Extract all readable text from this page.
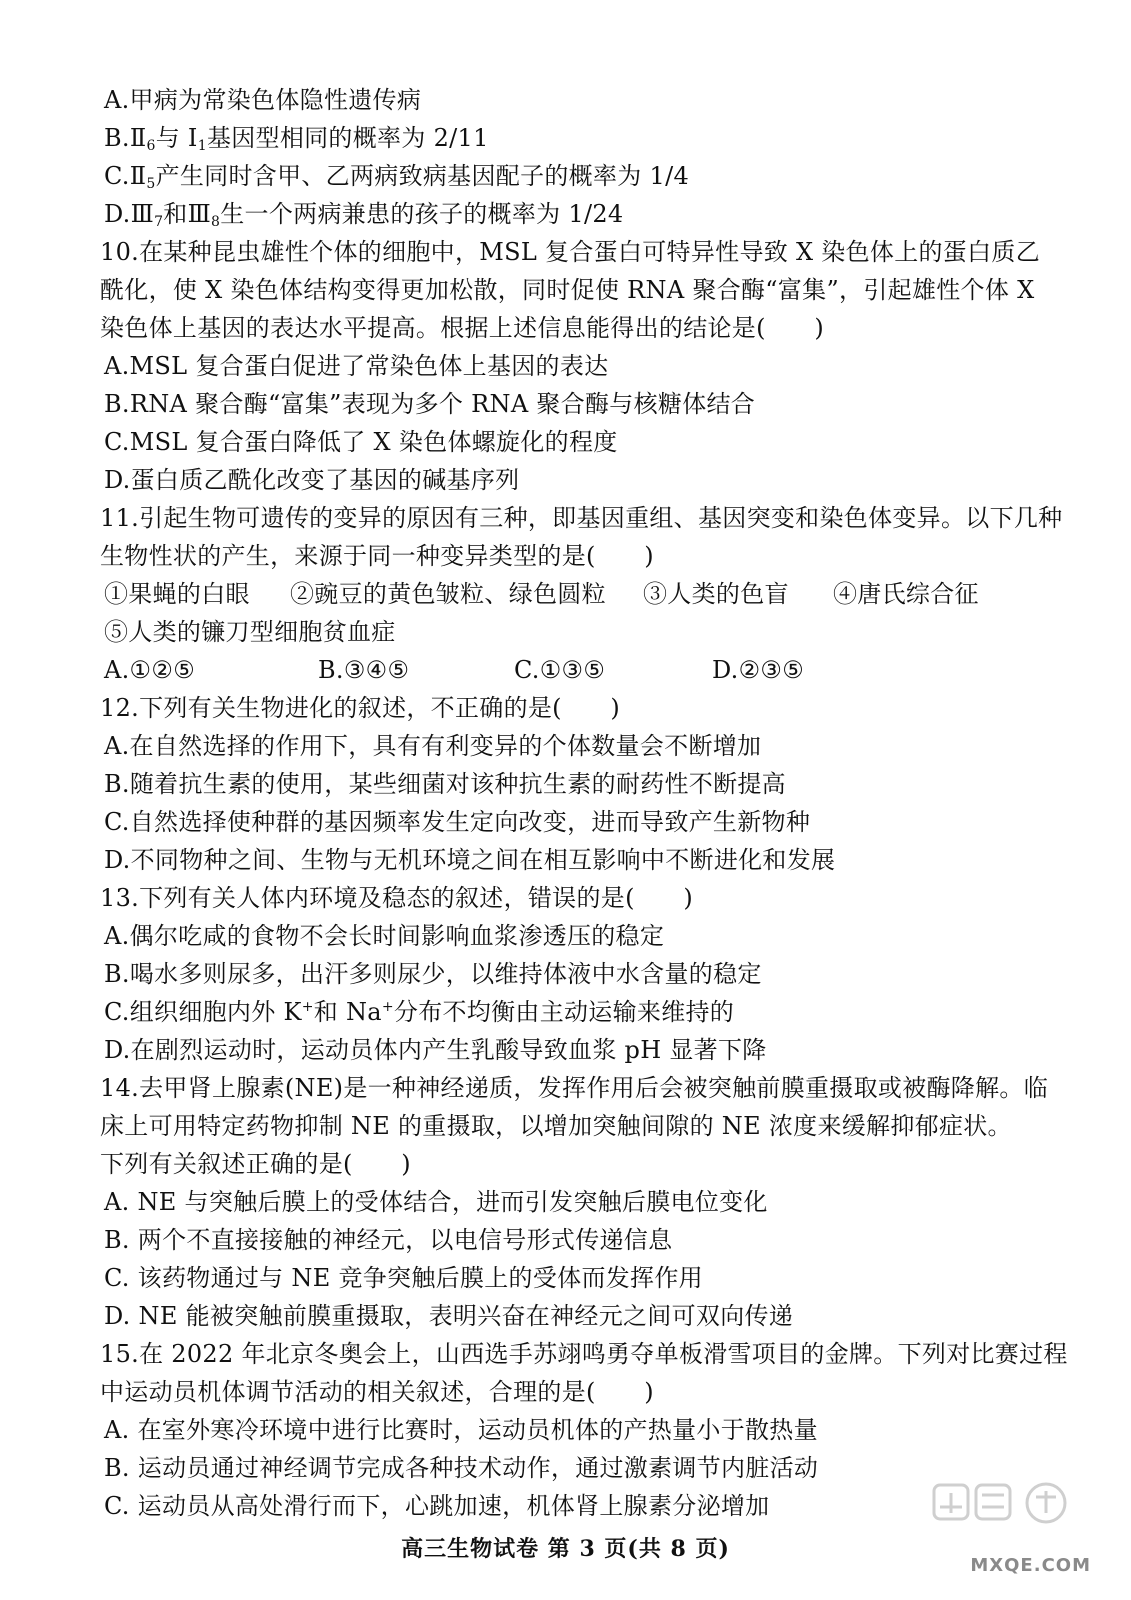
A.甲病为常染色体隐性遗传病
$B.Ⅱ_6$与 $I_1$基因型相同的概率为 2/11
$C.Ⅱ_5$产生同时含甲、乙两病致病基因配子的概率为 1/4
$D.Ⅲ_7$和$Ⅲ_8$生一个两病兼患的孩子的概率为 1/24
10.在某种昆虫雄性个体的细胞中，MSL 复合蛋白可特异性导致 X 染色体上的蛋白质乙
酰化，使 X 染色体结构变得更加松散，同时促使 RNA 聚合酶“富集”，引起雄性个体 X
染色体上基因的表达水平提高。根据上述信息能得出的结论是(　　)
A.MSL 复合蛋白促进了常染色体上基因的表达
B.RNA 聚合酶“富集”表现为多个 RNA 聚合酶与核糖体结合
C.MSL 复合蛋白降低了 X 染色体螺旋化的程度
D.蛋白质乙酰化改变了基因的碱基序列
11.引起生物可遗传的变异的原因有三种，即基因重组、基因突变和染色体变异。以下几种
生物性状的产生，来源于同一种变异类型的是(　　)
①果蝇的白眼 ②豌豆的黄色皱粒、绿色圆粒 ③人类的色盲 ④唐氏综合征
⑤人类的镰刀型细胞贫血症
A.①②⑤	B.③④⑤	C.①③⑤	D.②③⑤
12.下列有关生物进化的叙述，不正确的是(　　)
A.在自然选择的作用下，具有有利变异的个体数量会不断增加
B.随着抗生素的使用，某些细菌对该种抗生素的耐药性不断提高
C.自然选择使种群的基因频率发生定向改变，进而导致产生新物种
D.不同物种之间、生物与无机环境之间在相互影响中不断进化和发展
13.下列有关人体内环境及稳态的叙述，错误的是(　　)
A.偶尔吃咸的食物不会长时间影响血浆渗透压的稳定
B.喝水多则尿多，出汗多则尿少，以维持体液中水含量的稳定
C.组织细胞内外 K+和 Na+分布不均衡由主动运输来维持的
D.在剧烈运动时，运动员体内产生乳酸导致血浆 pH 显著下降
14.去甲肾上腺素(NE)是一种神经递质，发挥作用后会被突触前膜重摄取或被酶降解。临
床上可用特定药物抑制 NE 的重摄取，以增加突触间隙的 NE 浓度来缓解抑郁症状。
下列有关叙述正确的是(　　)
A. NE 与突触后膜上的受体结合，进而引发突触后膜电位变化
B. 两个不直接接触的神经元，以电信号形式传递信息
C. 该药物通过与 NE 竞争突触后膜上的受体而发挥作用
D. NE 能被突触前膜重摄取，表明兴奋在神经元之间可双向传递
15.在 2022 年北京冬奥会上，山西选手苏翊鸣勇夺单板滑雪项目的金牌。下列对比赛过程
中运动员机体调节活动的相关叙述，合理的是(　　)
A. 在室外寒冷环境中进行比赛时，运动员机体的产热量小于散热量
B. 运动员通过神经调节完成各种技术动作，通过激素调节内脏活动
C. 运动员从高处滑行而下，心跳加速，机体肾上腺素分泌增加
高三生物试卷 第 3 页(共 8 页)
MXQE.COM
